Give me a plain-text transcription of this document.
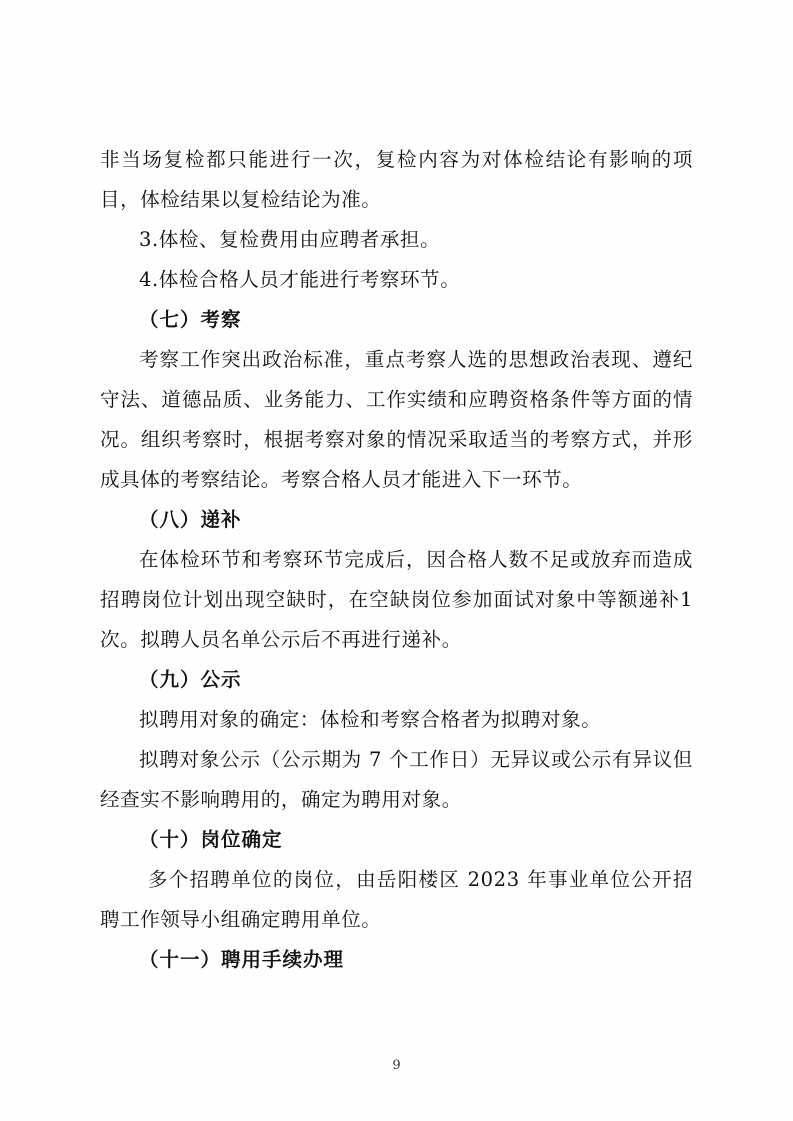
非当场复检都只能进行一次，复检内容为对体检结论有影响的项目，体检结果以复检结论为准。

3.体检、复检费用由应聘者承担。

4.体检合格人员才能进行考察环节。

（七）考察

考察工作突出政治标准，重点考察人选的思想政治表现、遵纪守法、道德品质、业务能力、工作实绩和应聘资格条件等方面的情况。组织考察时，根据考察对象的情况采取适当的考察方式，并形成具体的考察结论。考察合格人员才能进入下一环节。

（八）递补

在体检环节和考察环节完成后，因合格人数不足或放弃而造成招聘岗位计划出现空缺时，在空缺岗位参加面试对象中等额递补1次。拟聘人员名单公示后不再进行递补。

（九）公示

拟聘用对象的确定：体检和考察合格者为拟聘对象。

拟聘对象公示（公示期为 7 个工作日）无异议或公示有异议但经查实不影响聘用的，确定为聘用对象。

（十）岗位确定

多个招聘单位的岗位，由岳阳楼区 2023 年事业单位公开招聘工作领导小组确定聘用单位。

（十一）聘用手续办理

9
